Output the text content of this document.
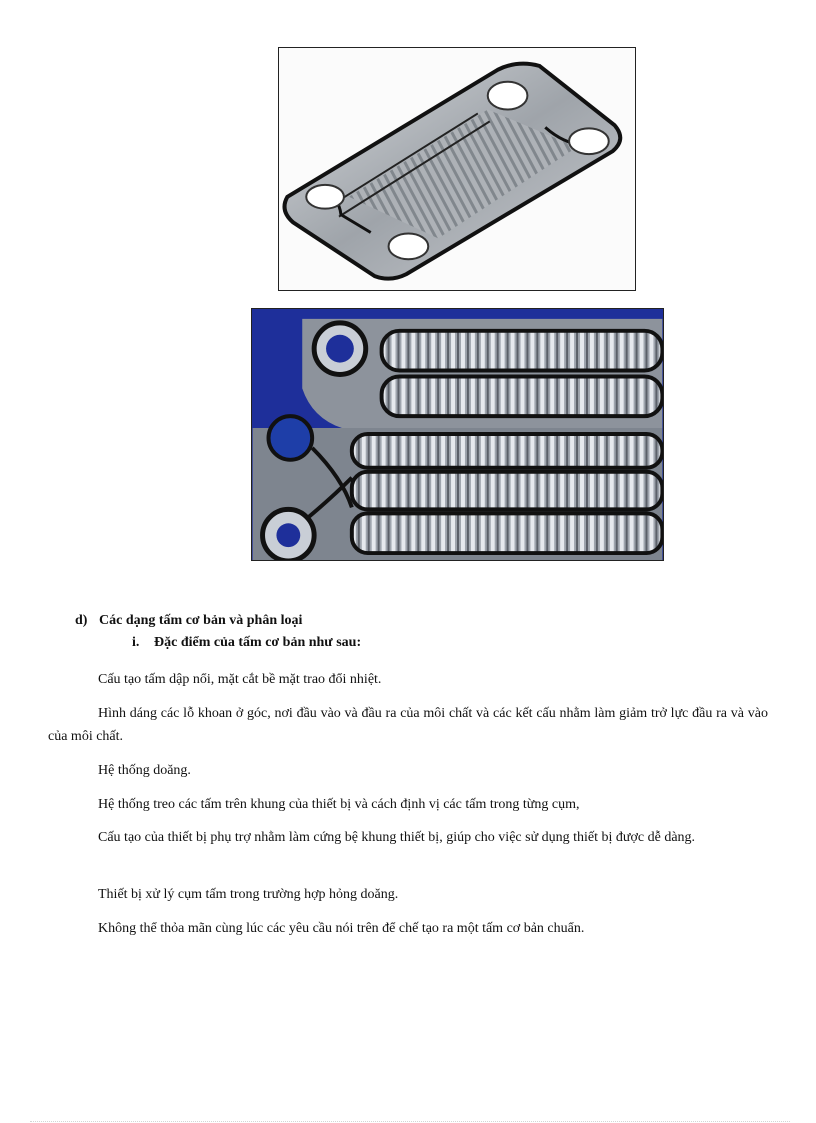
d) Các dạng tấm cơ bản và phân loại
i. Đặc điểm của tấm cơ bản như sau:

Cấu tạo tấm dập nổi, mặt cắt bề mặt trao đổi nhiệt.

Hình dáng các lỗ khoan ở góc, nơi đầu vào và đầu ra của môi chất và các kết cấu nhằm làm giảm trở lực đầu ra và vào của môi chất.

Hệ thống doăng.

Hệ thống treo các tấm trên khung của thiết bị và cách định vị các tấm trong từng cụm,

Cấu tạo của thiết bị phụ trợ nhằm làm cứng bệ khung thiết bị, giúp cho việc sử dụng thiết bị được dễ dàng.

Thiết bị xử lý cụm tấm trong trường hợp hỏng doăng.

Không thể thỏa mãn cùng lúc các yêu cầu nói trên để chế tạo ra một tấm cơ bản chuẩn.
